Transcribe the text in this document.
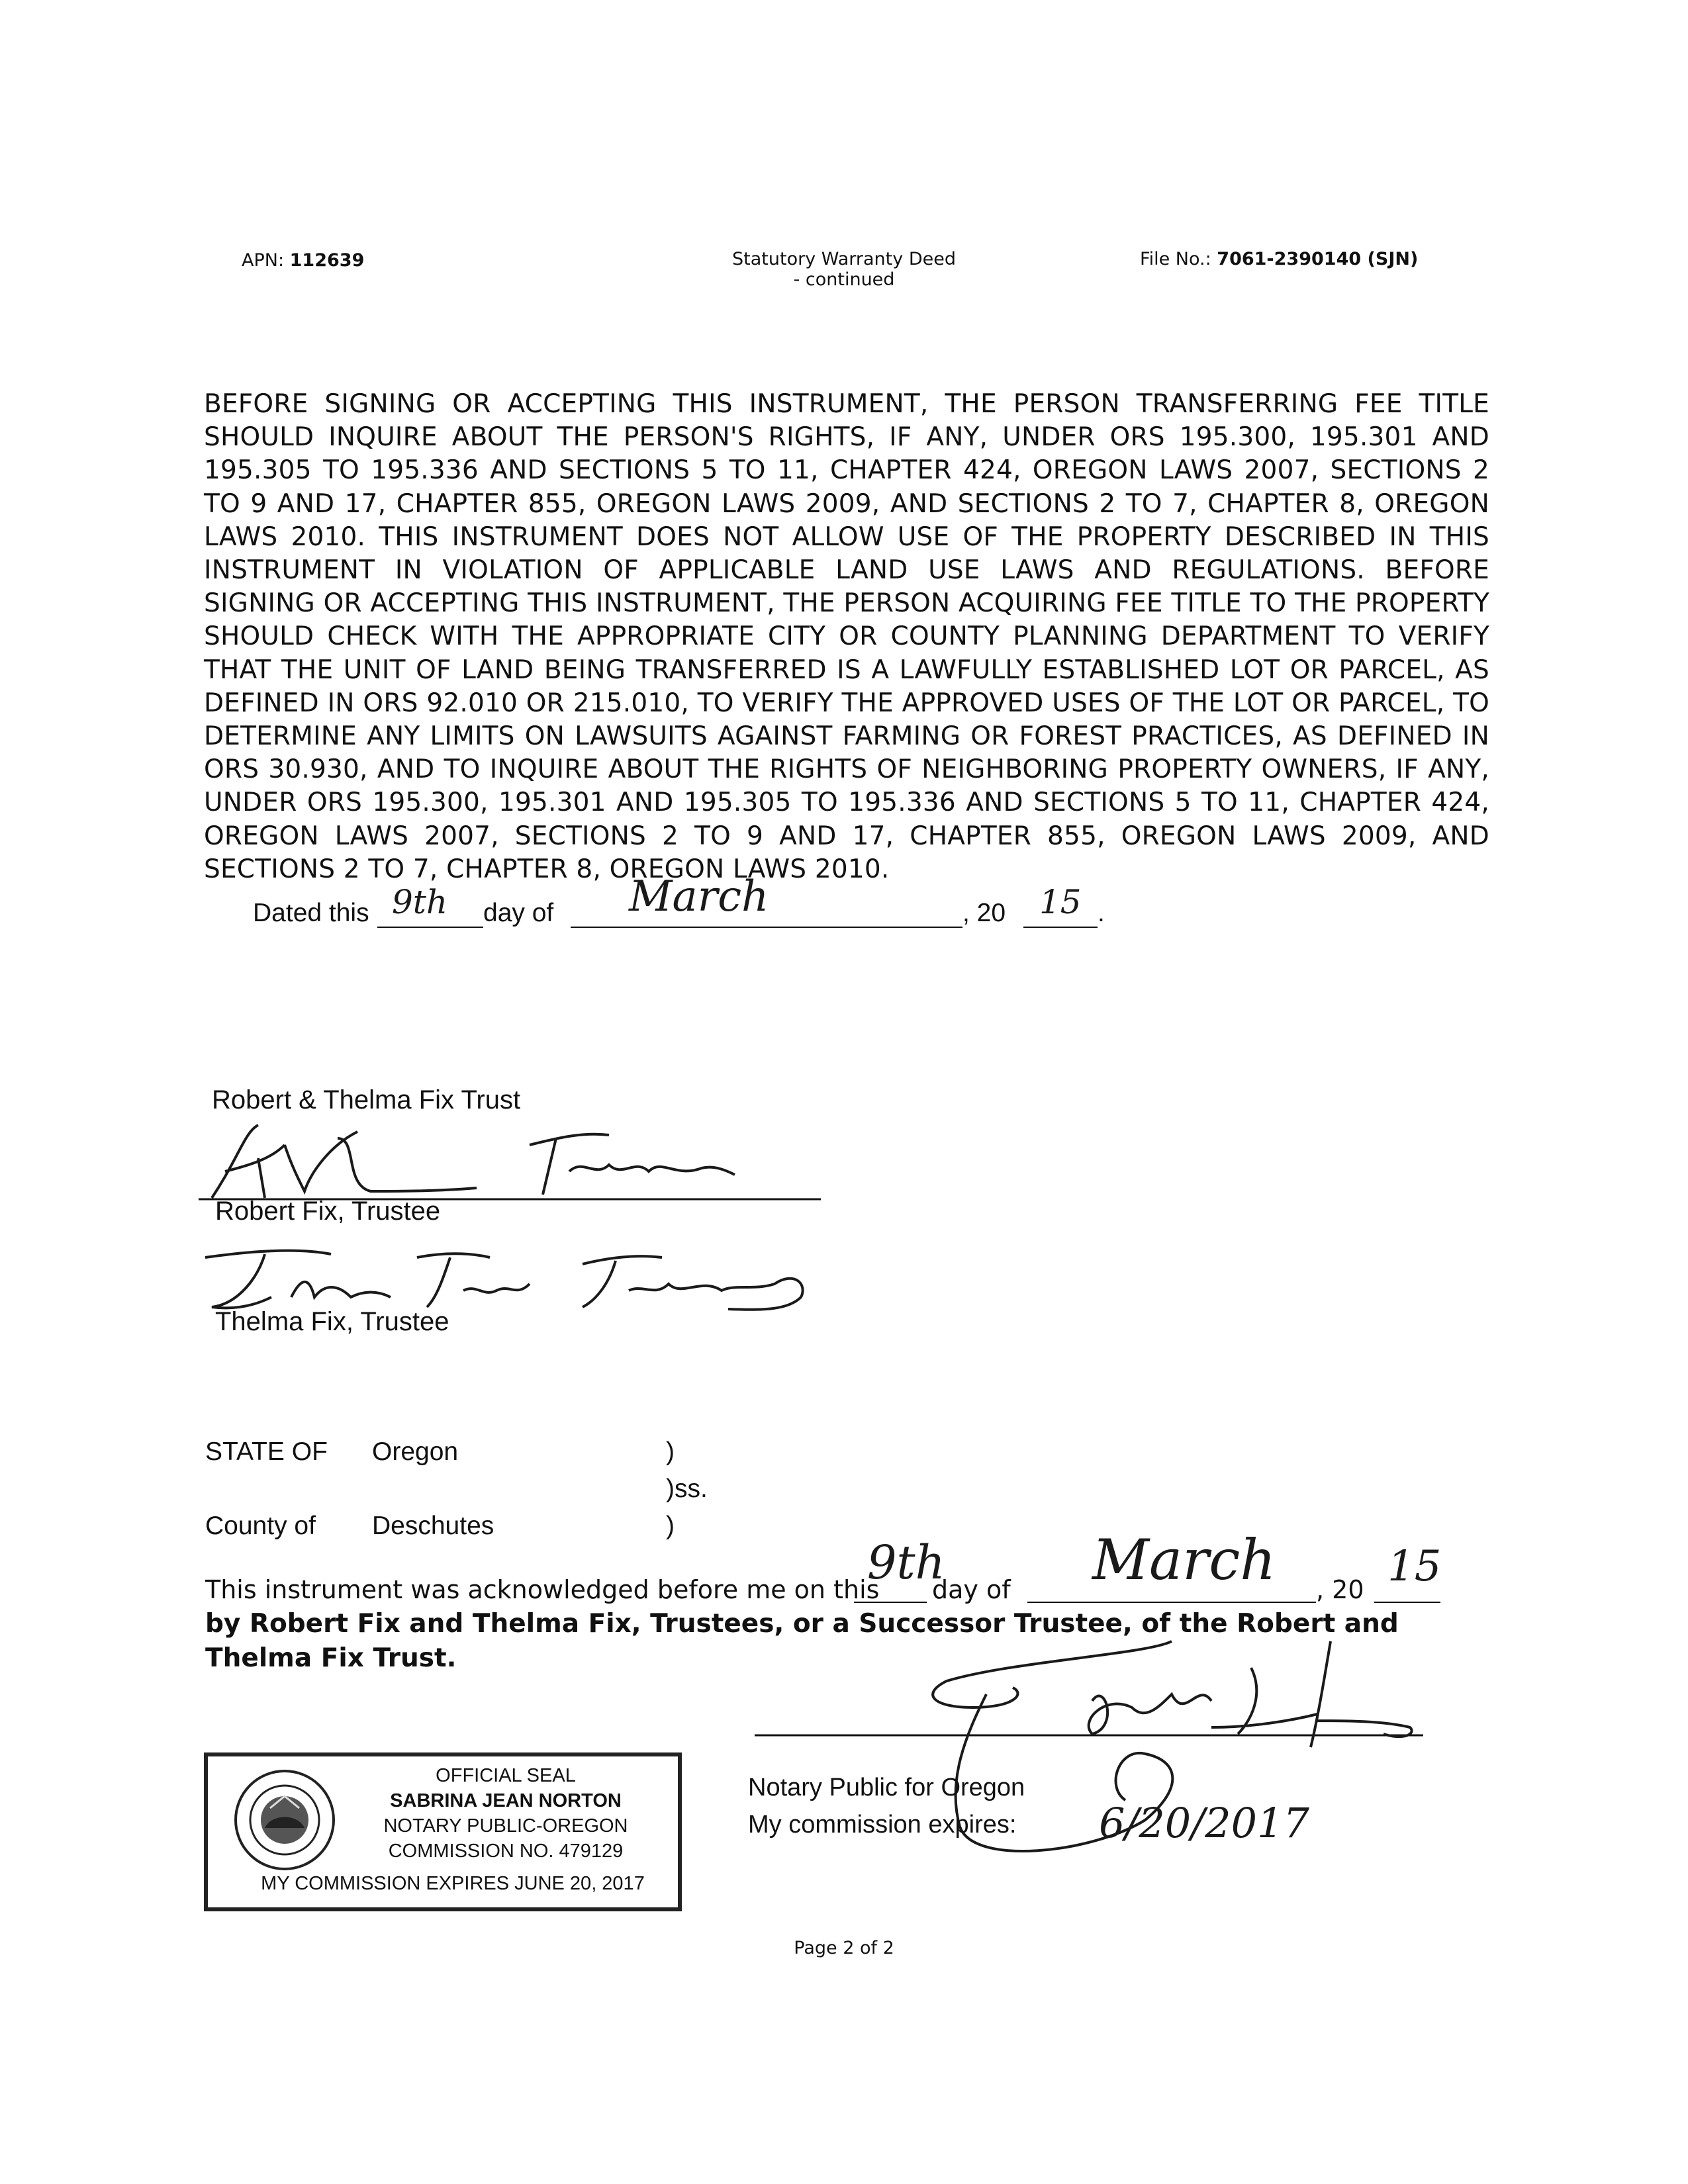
APN: 112639	Statutory Warranty Deed
- continued
File No.: 7061-2390140 (SJN)
BEFORE SIGNING OR ACCEPTING THIS INSTRUMENT, THE PERSON TRANSFERRING FEE TITLE SHOULD INQUIRE ABOUT THE PERSON'S RIGHTS, IF ANY, UNDER ORS 195.300, 195.301 AND 195.305 TO 195.336 AND SECTIONS 5 TO 11, CHAPTER 424, OREGON LAWS 2007, SECTIONS 2 TO 9 AND 17, CHAPTER 855, OREGON LAWS 2009, AND SECTIONS 2 TO 7, CHAPTER 8, OREGON LAWS 2010. THIS INSTRUMENT DOES NOT ALLOW USE OF THE PROPERTY DESCRIBED IN THIS INSTRUMENT IN VIOLATION OF APPLICABLE LAND USE LAWS AND REGULATIONS. BEFORE SIGNING OR ACCEPTING THIS INSTRUMENT, THE PERSON ACQUIRING FEE TITLE TO THE PROPERTY SHOULD CHECK WITH THE APPROPRIATE CITY OR COUNTY PLANNING DEPARTMENT TO VERIFY THAT THE UNIT OF LAND BEING TRANSFERRED IS A LAWFULLY ESTABLISHED LOT OR PARCEL, AS DEFINED IN ORS 92.010 OR 215.010, TO VERIFY THE APPROVED USES OF THE LOT OR PARCEL, TO DETERMINE ANY LIMITS ON LAWSUITS AGAINST FARMING OR FOREST PRACTICES, AS DEFINED IN ORS 30.930, AND TO INQUIRE ABOUT THE RIGHTS OF NEIGHBORING PROPERTY OWNERS, IF ANY, UNDER ORS 195.300, 195.301 AND 195.305 TO 195.336 AND SECTIONS 5 TO 11, CHAPTER 424, OREGON LAWS 2007, SECTIONS 2 TO 9 AND 17, CHAPTER 855, OREGON LAWS 2009, AND SECTIONS 2 TO 7, CHAPTER 8, OREGON LAWS 2010.
Dated this 9th day of March	, 20 15 .
Robert & Thelma Fix Trust
Robert Fix, Trustee
Thelma Fix, Trustee
STATE OF Oregon	)
)ss.
County of Deschutes	)
This instrument was acknowledged before me on this
9th
day of March , 20 15
by Robert Fix and Thelma Fix, Trustees, or a Successor Trustee, of the Robert and Thelma Fix Trust.
OFFICIAL SEAL
SABRINA JEAN NORTON
NOTARY PUBLIC-OREGON
COMMISSION NO. 479129
MY COMMISSION EXPIRES JUNE 20, 2017
Notary Public for Oregon
My commission expires: 6/20/2017
Page 2 of 2
